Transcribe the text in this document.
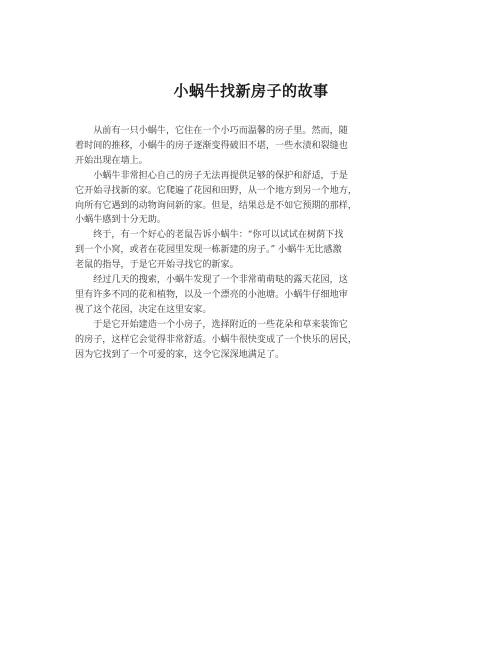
小蜗牛找新房子的故事

　　从前有一只小蜗牛，它住在一个小巧而温馨的房子里。然而，随
着时间的推移，小蜗牛的房子逐渐变得破旧不堪，一些水渍和裂缝也
开始出现在墙上。

　　小蜗牛非常担心自己的房子无法再提供足够的保护和舒适，于是
它开始寻找新的家。它爬遍了花园和田野，从一个地方到另一个地方，
向所有它遇到的动物询问新的家。但是，结果总是不如它预期的那样，
小蜗牛感到十分无助。

　　终于，有一个好心的老鼠告诉小蜗牛：“你可以试试在树荫下找
到一个小窝，或者在花园里发现一栋新建的房子。” 小蜗牛无比感激
老鼠的指导，于是它开始寻找它的新家。

　　经过几天的搜索，小蜗牛发现了一个非常萌萌哒的露天花园，这
里有许多不同的花和植物，以及一个漂亮的小池塘。小蜗牛仔细地审
视了这个花园，决定在这里安家。

　　于是它开始建造一个小房子，选择附近的一些花朵和草来装饰它
的房子，这样它会觉得非常舒适。小蜗牛很快变成了一个快乐的居民，
因为它找到了一个可爱的家，这令它深深地满足了。
